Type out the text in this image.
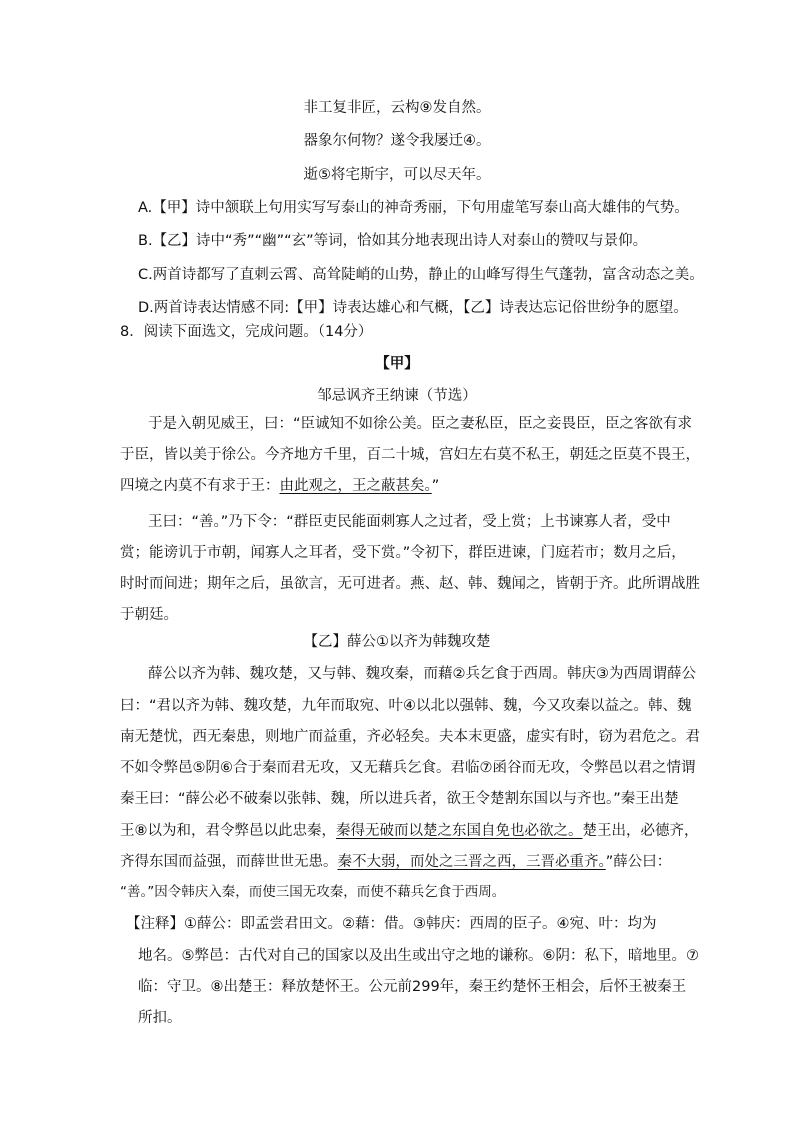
非工复非匠，云构⑨发自然。
器象尔何物？遂令我屡迁④。
逝⑤将宅斯宇，可以尽天年。
A.【甲】诗中颔联上句用实写写泰山的神奇秀丽，下句用虚笔写泰山高大雄伟的气势。
B.【乙】诗中“秀”“幽”“玄”等词，恰如其分地表现出诗人对泰山的赞叹与景仰。
C.两首诗都写了直刺云霄、高耸陡峭的山势，静止的山峰写得生气蓬勃，富含动态之美。
D.两首诗表达情感不同:【甲】诗表达雄心和气概，【乙】诗表达忘记俗世纷争的愿望。
8．阅读下面选文，完成问题。（14分）
【甲】
邹忌讽齐王纳谏（节选）
于是入朝见威王，曰：“臣诚知不如徐公美。臣之妻私臣，臣之妾畏臣，臣之客欲有求
于臣，皆以美于徐公。今齐地方千里，百二十城，宫妇左右莫不私王，朝廷之臣莫不畏王，
四境之内莫不有求于王：由此观之，王之蔽甚矣。”
王曰：“善。”乃下令：“群臣吏民能面刺寡人之过者，受上赏；上书谏寡人者，受中
赏；能谤讥于市朝，闻寡人之耳者，受下赏。”令初下，群臣进谏，门庭若市；数月之后，
时时而间进；期年之后，虽欲言，无可进者。燕、赵、韩、魏闻之，皆朝于齐。此所谓战胜
于朝廷。
【乙】薛公①以齐为韩魏攻楚
薛公以齐为韩、魏攻楚，又与韩、魏攻秦，而藉②兵乞食于西周。韩庆③为西周谓薛公
曰：“君以齐为韩、魏攻楚，九年而取宛、叶④以北以强韩、魏，今又攻秦以益之。韩、魏
南无楚忧，西无秦患，则地广而益重，齐必轻矣。夫本末更盛，虚实有时，窃为君危之。君
不如令弊邑⑤阴⑥合于秦而君无攻，又无藉兵乞食。君临⑦函谷而无攻，令弊邑以君之情谓
秦王曰：“薛公必不破秦以张韩、魏，所以进兵者，欲王令楚割东国以与齐也。”秦王出楚
王⑧以为和，君令弊邑以此忠秦，秦得无破而以楚之东国自免也必欲之。楚王出，必德齐，
齐得东国而益强，而薛世世无患。秦不大弱，而处之三晋之西，三晋必重齐。”薛公曰：
“善。”因令韩庆入秦，而使三国无攻秦，而使不藉兵乞食于西周。
【注释】①薛公：即孟尝君田文。②藉：借。③韩庆：西周的臣子。④宛、叶：均为
地名。⑤弊邑：古代对自己的国家以及出生或出守之地的谦称。⑥阴：私下，暗地里。⑦
临：守卫。⑧出楚王：释放楚怀王。公元前299年，秦王约楚怀王相会，后怀王被秦王
所扣。
